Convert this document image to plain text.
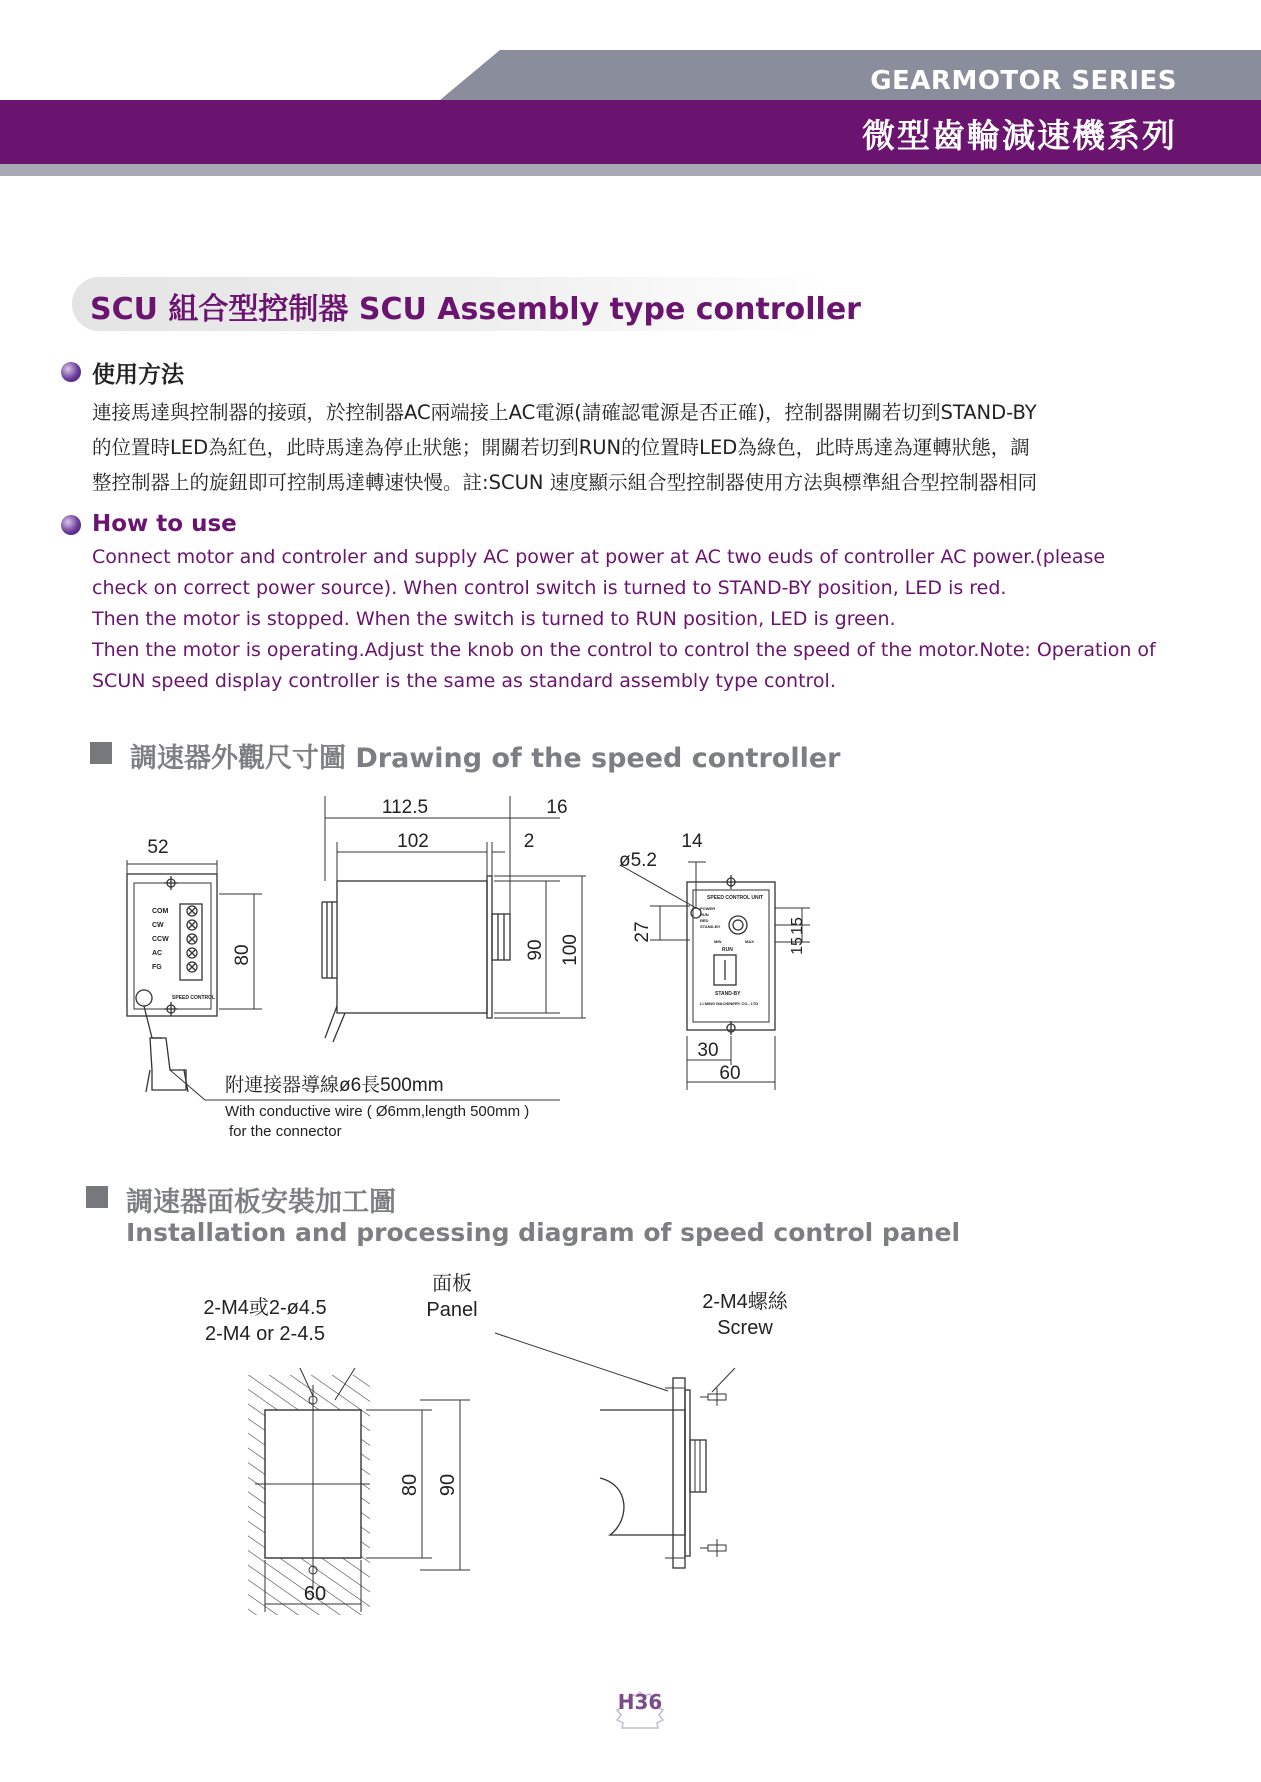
GEARMOTOR SERIES
微型齒輪減速機系列
SCU 組合型控制器 SCU Assembly type controller
使用方法
連接馬達與控制器的接頭，於控制器AC兩端接上AC電源(請確認電源是否正確)，控制器開關若切到STAND-BY
的位置時LED為紅色，此時馬達為停止狀態；開關若切到RUN的位置時LED為綠色，此時馬達為運轉狀態，調
整控制器上的旋鈕即可控制馬達轉速快慢。註:SCUN 速度顯示組合型控制器使用方法與標準組合型控制器相同
How to use
Connect motor and controler and supply AC power at power at AC two euds of controller AC power.(please
check on correct power source). When control switch is turned to STAND-BY position, LED is red.
Then the motor is stopped. When the switch is turned to RUN position, LED is green.
Then the motor is operating.Adjust the knob on the control to control the speed of the motor.Note: Operation of
SCUN speed display controller is the same as standard assembly type control.
調速器外觀尺寸圖 Drawing of the speed controller
52
80
112.5
102
16
2
90 100
ø5.2
14
27	15
15
30
60
COM
CW
CCW
AC
FG
SPEED CONTROL
SPEED CONTROL UNIT
POWER
RUN
RED
STAND-BY
MIN	MAX
RUN
STAND-BY
LI MING MACHINERY CO., LTD
附連接器導線ø6長500mm
With conductive wire ( Ø6mm,length 500mm )
for the connector
調速器面板安裝加工圖
Installation and processing diagram of speed control panel
2-M4或2-ø4.5
2-M4 or 2-4.5
面板
Panel	2-M4螺絲
Screw
80 90
60
H36
